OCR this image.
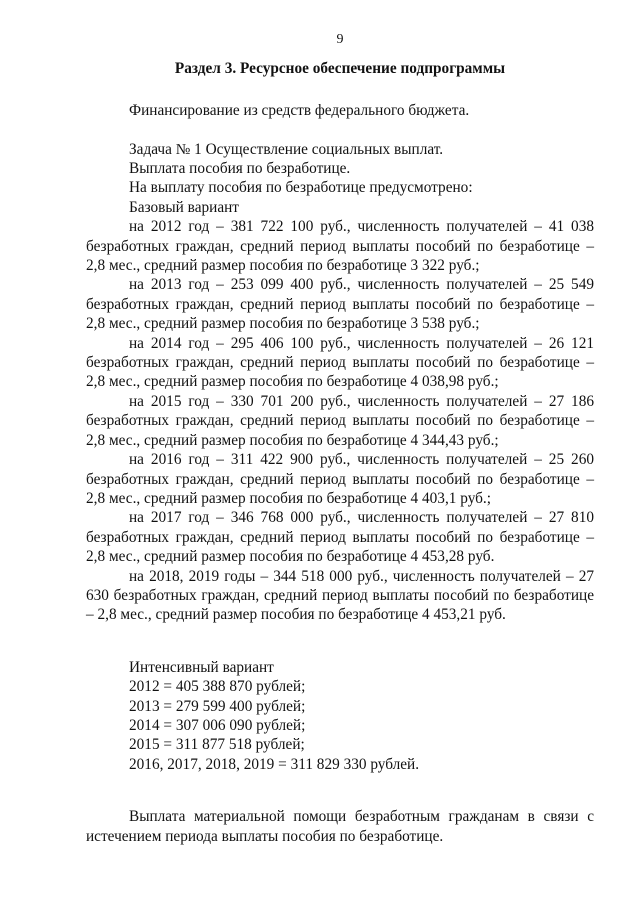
9
Раздел 3. Ресурсное обеспечение подпрограммы

Финансирование из средств федерального бюджета.

Задача № 1 Осуществление социальных выплат.

Выплата пособия по безработице.

На выплату пособия по безработице предусмотрено:

Базовый вариант

на 2012 год – 381 722 100 руб., численность получателей – 41 038 безработных граждан, средний период выплаты пособий по безработице – 2,8 мес., средний размер пособия по безработице 3 322 руб.;

на 2013 год – 253 099 400 руб., численность получателей – 25 549 безработных граждан, средний период выплаты пособий по безработице – 2,8 мес., средний размер пособия по безработице 3 538 руб.;

на 2014 год – 295 406 100 руб., численность получателей – 26 121 безработных граждан, средний период выплаты пособий по безработице – 2,8 мес., средний размер пособия по безработице 4 038,98 руб.;

на 2015 год – 330 701 200 руб., численность получателей – 27 186 безработных граждан, средний период выплаты пособий по безработице – 2,8 мес., средний размер пособия по безработице 4 344,43 руб.;

на 2016 год – 311 422 900 руб., численность получателей – 25 260 безработных граждан, средний период выплаты пособий по безработице – 2,8 мес., средний размер пособия по безработице 4 403,1 руб.;

на 2017 год – 346 768 000 руб., численность получателей – 27 810 безработных граждан, средний период выплаты пособий по безработице – 2,8 мес., средний размер пособия по безработице 4 453,28 руб.

на 2018, 2019 годы – 344 518 000 руб., численность получателей – 27 630 безработных граждан, средний период выплаты пособий по безработице – 2,8 мес., средний размер пособия по безработице 4 453,21 руб.

Интенсивный вариант

2012 = 405 388 870 рублей;

2013 = 279 599 400 рублей;

2014 = 307 006 090 рублей;

2015 = 311 877 518 рублей;

2016, 2017, 2018, 2019 = 311 829 330 рублей.

Выплата материальной помощи безработным гражданам в связи с истечением периода выплаты пособия по безработице.
